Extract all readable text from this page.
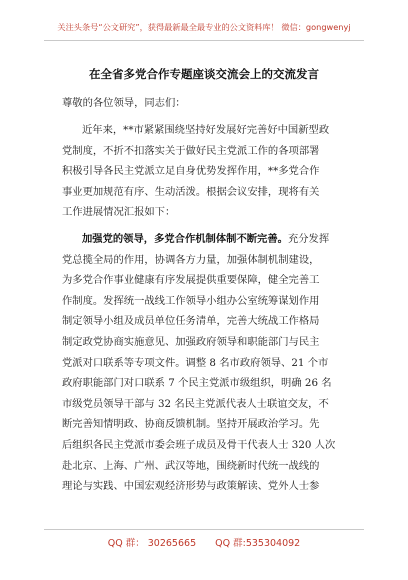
关注头条号“公文研究”，获得最新最全最专业的公文资料库！ 微信：gongwenyj
在全省多党合作专题座谈交流会上的交流发言
尊敬的各位领导，同志们：
近年来，**市紧紧围绕坚持好发展好完善好中国新型政
党制度，不折不扣落实关于做好民主党派工作的各项部署
积极引导各民主党派立足自身优势发挥作用，**多党合作
事业更加规范有序、生动活泼。根据会议安排，现将有关
工作进展情况汇报如下：
加强党的领导，多党合作机制体制不断完善。充分发挥
党总揽全局的作用，协调各方力量，加强体制机制建设，
为多党合作事业健康有序发展提供重要保障，健全完善工
作制度。发挥统一战线工作领导小组办公室统筹谋划作用
制定领导小组及成员单位任务清单，完善大统战工作格局
制定政党协商实施意见、加强政府领导和职能部门与民主
党派对口联系等专项文件。调整 8 名市政府领导、21 个市
政府职能部门对口联系 7 个民主党派市级组织，明确 26 名
市级党员领导干部与 32 名民主党派代表人士联谊交友，不
断完善知情明政、协商反馈机制。坚持开展政治学习。先
后组织各民主党派市委会班子成员及骨干代表人士 320 人次
赴北京、上海、广州、武汉等地，围绕新时代统一战线的
理论与实践、中国宏观经济形势与政策解读、党外人士参
QQ 群： 30265665 QQ 群:535304092
